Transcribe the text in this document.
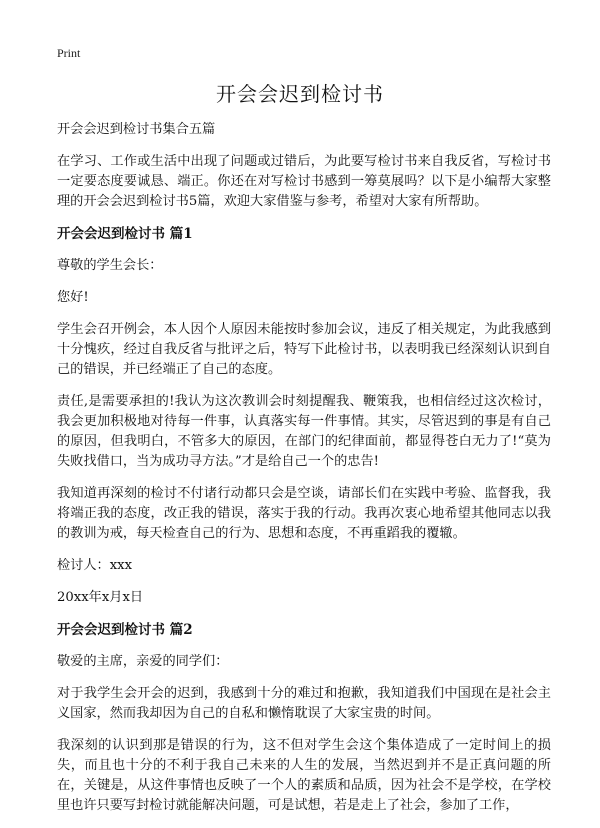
Print
开会会迟到检讨书

开会会迟到检讨书集合五篇

在学习、工作或生活中出现了问题或过错后，为此要写检讨书来自我反省，写检讨书一定要态度要诚恳、端正。你还在对写检讨书感到一筹莫展吗？以下是小编帮大家整理的开会会迟到检讨书5篇，欢迎大家借鉴与参考，希望对大家有所帮助。

开会会迟到检讨书 篇1

尊敬的学生会长：

您好!

学生会召开例会，本人因个人原因未能按时参加会议，违反了相关规定，为此我感到十分愧疚，经过自我反省与批评之后，特写下此检讨书，以表明我已经深刻认识到自己的错误，并已经端正了自己的态度。

责任,是需要承担的!我认为这次教训会时刻提醒我、鞭策我，也相信经过这次检讨，我会更加积极地对待每一件事，认真落实每一件事情。其实，尽管迟到的事是有自己的原因，但我明白，不管多大的原因，在部门的纪律面前，都显得苍白无力了!“莫为失败找借口，当为成功寻方法。”才是给自己一个的忠告!

我知道再深刻的检讨不付诸行动都只会是空谈，请部长们在实践中考验、监督我，我将端正我的态度，改正我的错误，落实于我的行动。我再次衷心地希望其他同志以我的教训为戒，每天检查自己的行为、思想和态度，不再重蹈我的覆辙。

检讨人：xxx

20xx年x月x日

开会会迟到检讨书 篇2

敬爱的主席，亲爱的同学们：

对于我学生会开会的迟到，我感到十分的难过和抱歉，我知道我们中国现在是社会主义国家，然而我却因为自己的自私和懒惰耽误了大家宝贵的时间。

我深刻的认识到那是错误的行为，这不但对学生会这个集体造成了一定时间上的损失，而且也十分的不利于我自己未来的人生的发展，当然迟到并不是正真问题的所在，关键是，从这件事情也反映了一个人的素质和品质，因为社会不是学校，在学校里也许只要写封检讨就能解决问题，可是试想，若是走上了社会，参加了工作，
